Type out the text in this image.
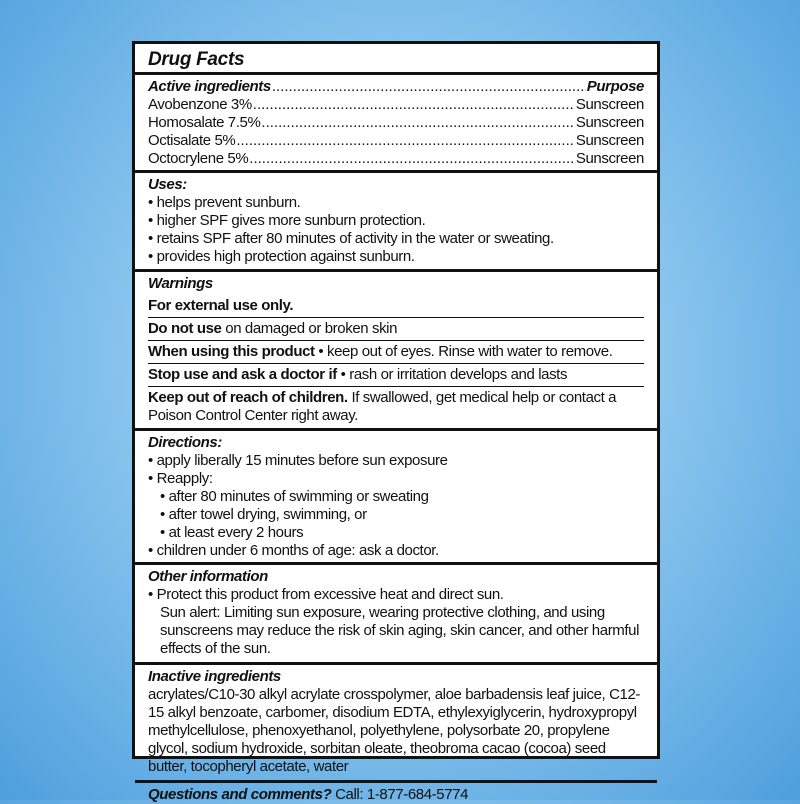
Drug Facts
Active ingredients .....	Purpose
Avobenzone 3% .....	Sunscreen
Homosalate 7.5% .....	Sunscreen
Octisalate 5% .....	Sunscreen
Octocrylene 5% .....	Sunscreen
Uses:
• helps prevent sunburn.
• higher SPF gives more sunburn protection.
• retains SPF after 80 minutes of activity in the water or sweating.
• provides high protection against sunburn.
Warnings
For external use only.
Do not use on damaged or broken skin
When using this product • keep out of eyes. Rinse with water to remove.
Stop use and ask a doctor if • rash or irritation develops and lasts
Keep out of reach of children. If swallowed, get medical help or contact a Poison Control Center right away.
Directions:
• apply liberally 15 minutes before sun exposure
• Reapply:
• after 80 minutes of swimming or sweating
• after towel drying, swimming, or
• at least every 2 hours
• children under 6 months of age: ask a doctor.
Other information
• Protect this product from excessive heat and direct sun.
Sun alert: Limiting sun exposure, wearing protective clothing, and using sunscreens may reduce the risk of skin aging, skin cancer, and other harmful effects of the sun.
Inactive ingredients
acrylates/C10-30 alkyl acrylate crosspolymer, aloe barbadensis leaf juice, C12-15 alkyl benzoate, carbomer, disodium EDTA, ethylexyiglycerin, hydroxypropyl methylcellulose, phenoxyethanol, polyethylene, polysorbate 20, propylene glycol, sodium hydroxide, sorbitan oleate, theobroma cacao (cocoa) seed butter, tocopheryl acetate, water
Questions and comments? Call: 1-877-684-5774
